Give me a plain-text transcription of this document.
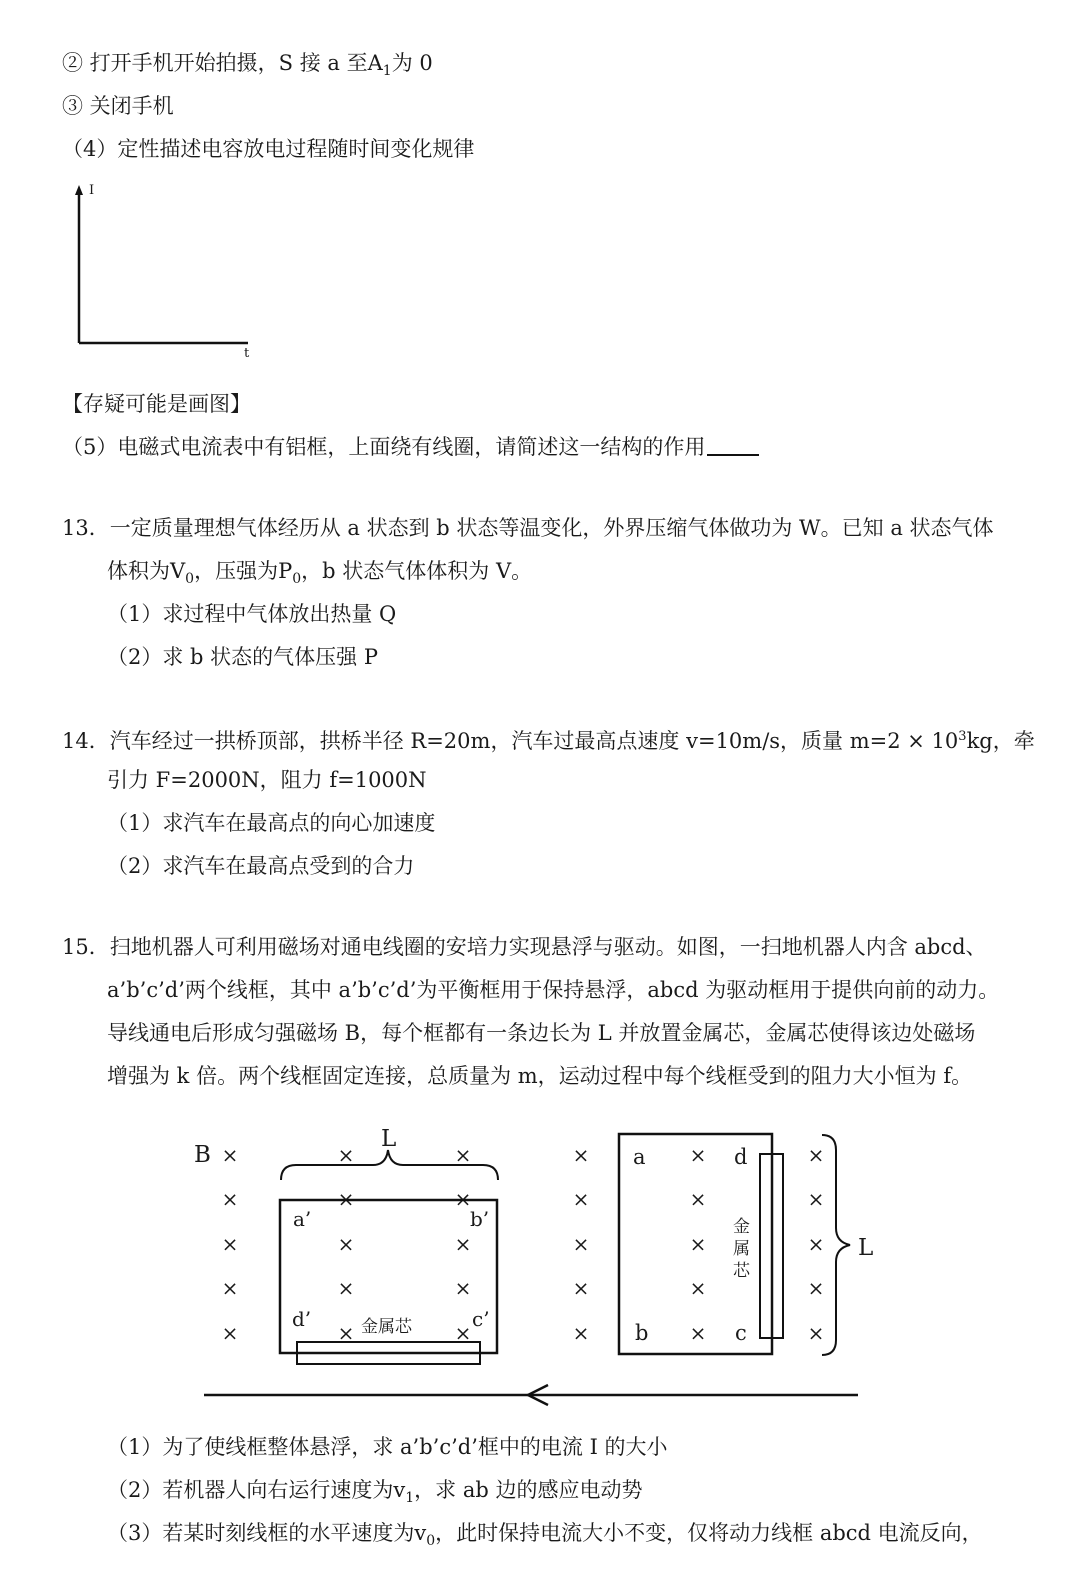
② 打开手机开始拍摄，S 接 a 至$A_1$为 0
③ 关闭手机
（4）定性描述电容放电过程随时间变化规律
I
t
【存疑可能是画图】
（5）电磁式电流表中有铝框，上面绕有线圈，请简述这一结构的作用
13．一定质量理想气体经历从 a 状态到 b 状态等温变化，外界压缩气体做功为 W。已知 a 状态气体
体积为$V_0$，压强为$P_0$，b 状态气体体积为 V。
（1）求过程中气体放出热量 Q
（2）求 b 状态的气体压强 P
14．汽车经过一拱桥顶部，拱桥半径 R=20m，汽车过最高点速度 v=10m/s，质量 $m=2 \times 10^3kg$，牵
引力 F=2000N，阻力 f=1000N
（1）求汽车在最高点的向心加速度
（2）求汽车在最高点受到的合力
15．扫地机器人可利用磁场对通电线圈的安培力实现悬浮与驱动。如图，一扫地机器人内含 abcd、
a’b’c’d’两个线框，其中 a’b’c’d’为平衡框用于保持悬浮，abcd 为驱动框用于提供向前的动力。
导线通电后形成匀强磁场 B，每个框都有一条边长为 L 并放置金属芯，金属芯使得该边处磁场
增强为 k 倍。两个线框固定连接，总质量为 m，运动过程中每个线框受到的阻力大小恒为 f。
B ×
×
×
×
×
×
×
×
×
×
×
×
×
×
×
×
×
×
×
×
×
×
×
×
×
×
×
×
×
×
L
a’	b’
d’	c’
金属芯
a	d
b	c
金
属
芯
L
（1）为了使线框整体悬浮，求 a’b’c’d’框中的电流 I 的大小
（2）若机器人向右运行速度为$v_1$，求 ab 边的感应电动势
（3）若某时刻线框的水平速度为$v_0$，此时保持电流大小不变，仅将动力线框 abcd 电流反向，
